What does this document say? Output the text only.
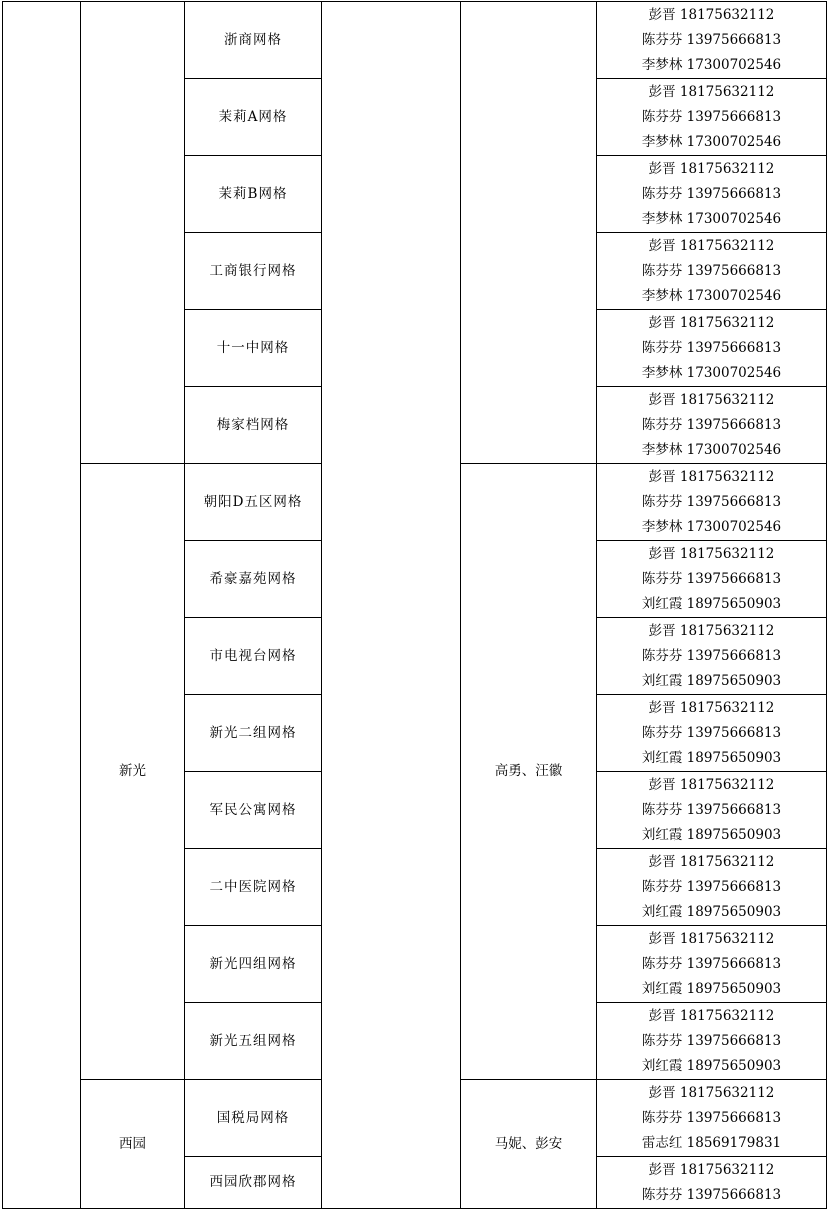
		浙商网格			彭晋 18175632112
陈芬芬 13975666813
李梦林 17300702546

		茉莉A网格			彭晋 18175632112
陈芬芬 13975666813
李梦林 17300702546

		茉莉B网格			彭晋 18175632112
陈芬芬 13975666813
李梦林 17300702546

		工商银行网格			彭晋 18175632112
陈芬芬 13975666813
李梦林 17300702546

		十一中网格			彭晋 18175632112
陈芬芬 13975666813
李梦林 17300702546

		梅家档网格			彭晋 18175632112
陈芬芬 13975666813
李梦林 17300702546

	新光	朝阳D五区网格		高勇、汪徽	彭晋 18175632112
陈芬芬 13975666813
李梦林 17300702546

		希豪嘉苑网格			彭晋 18175632112
陈芬芬 13975666813
刘红霞 18975650903

		市电视台网格			彭晋 18175632112
陈芬芬 13975666813
刘红霞 18975650903

		新光二组网格			彭晋 18175632112
陈芬芬 13975666813
刘红霞 18975650903

		军民公寓网格			彭晋 18175632112
陈芬芬 13975666813
刘红霞 18975650903

		二中医院网格			彭晋 18175632112
陈芬芬 13975666813
刘红霞 18975650903

		新光四组网格			彭晋 18175632112
陈芬芬 13975666813
刘红霞 18975650903

		新光五组网格			彭晋 18175632112
陈芬芬 13975666813
刘红霞 18975650903

	西园	国税局网格		马妮、彭安	彭晋 18175632112
陈芬芬 13975666813
雷志红 18569179831

		西园欣郡网格			彭晋 18175632112
陈芬芬 13975666813
